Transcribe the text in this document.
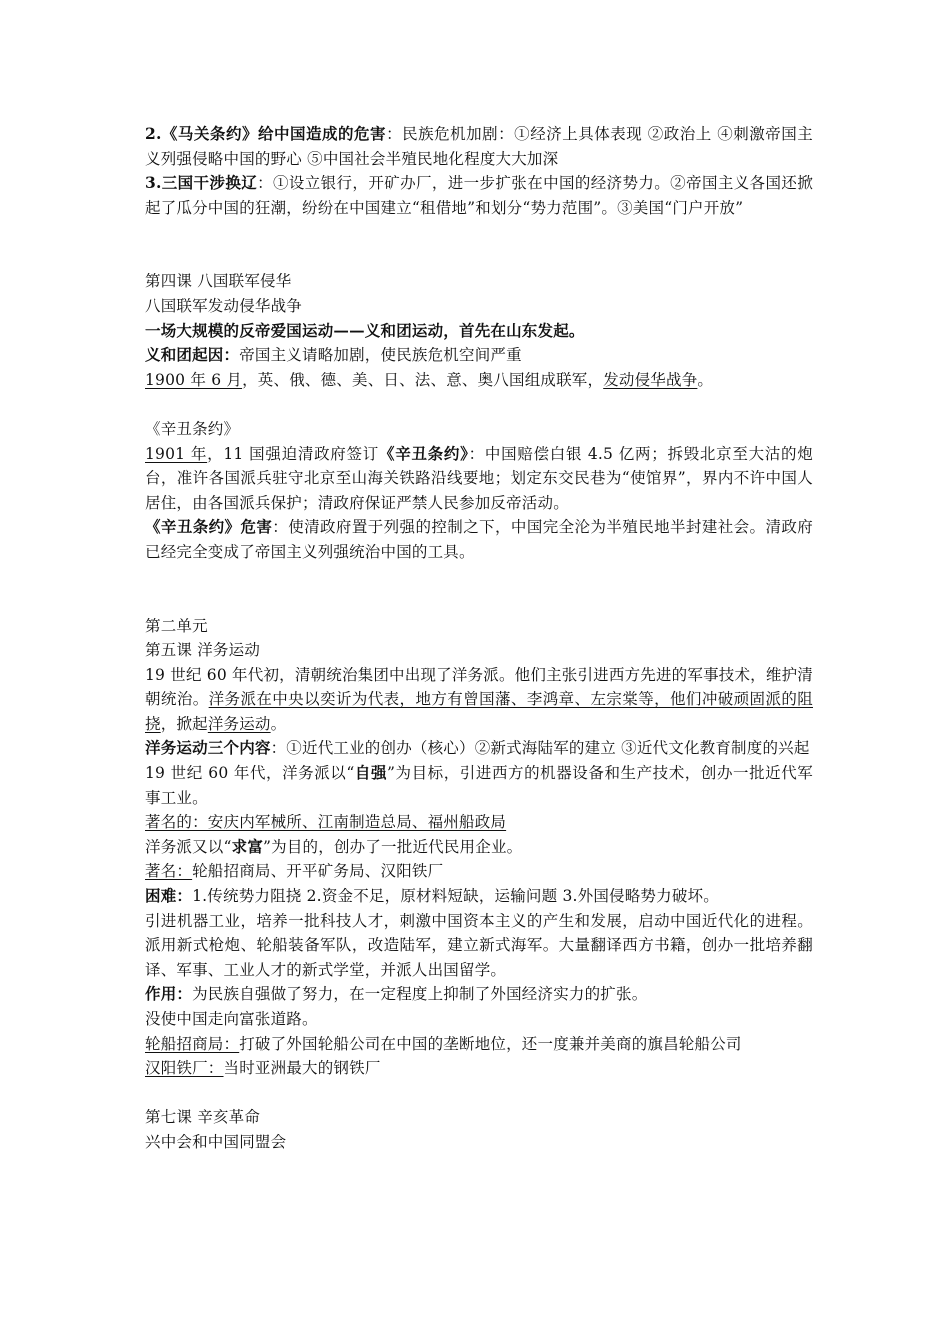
2.《马关条约》给中国造成的危害：民族危机加剧：①经济上具体表现 ②政治上 ④刺激帝国主义列强侵略中国的野心 ⑤中国社会半殖民地化程度大大加深

3.三国干涉换辽：①设立银行，开矿办厂，进一步扩张在中国的经济势力。②帝国主义各国还掀起了瓜分中国的狂潮，纷纷在中国建立“租借地”和划分“势力范围”。③美国“门户开放”

第四课 八国联军侵华

八国联军发动侵华战争

一场大规模的反帝爱国运动——义和团运动，首先在山东发起。

义和团起因：帝国主义请略加剧，使民族危机空间严重

1900 年 6 月，英、俄、德、美、日、法、意、奥八国组成联军，发动侵华战争。

《辛丑条约》

1901 年，11 国强迫清政府签订《辛丑条约》：中国赔偿白银 4.5 亿两；拆毁北京至大沽的炮台，准许各国派兵驻守北京至山海关铁路沿线要地；划定东交民巷为“使馆界”，界内不许中国人居住，由各国派兵保护；清政府保证严禁人民参加反帝活动。

《辛丑条约》危害：使清政府置于列强的控制之下，中国完全沦为半殖民地半封建社会。清政府已经完全变成了帝国主义列强统治中国的工具。

第二单元

第五课 洋务运动

19 世纪 60 年代初，清朝统治集团中出现了洋务派。他们主张引进西方先进的军事技术，维护清朝统治。洋务派在中央以奕䜣为代表，地方有曾国藩、李鸿章、左宗棠等，他们冲破顽固派的阻挠，掀起洋务运动。

洋务运动三个内容：①近代工业的创办（核心）②新式海陆军的建立 ③近代文化教育制度的兴起

19 世纪 60 年代，洋务派以“自强”为目标，引进西方的机器设备和生产技术，创办一批近代军事工业。

著名的：安庆内军械所、江南制造总局、福州船政局

洋务派又以“求富”为目的，创办了一批近代民用企业。

著名：轮船招商局、开平矿务局、汉阳铁厂

困难：1.传统势力阻挠 2.资金不足，原材料短缺，运输问题 3.外国侵略势力破坏。

引进机器工业，培养一批科技人才，刺激中国资本主义的产生和发展，启动中国近代化的进程。派用新式枪炮、轮船装备军队，改造陆军，建立新式海军。大量翻译西方书籍，创办一批培养翻译、军事、工业人才的新式学堂，并派人出国留学。

作用：为民族自强做了努力，在一定程度上抑制了外国经济实力的扩张。

没使中国走向富张道路。

轮船招商局：打破了外国轮船公司在中国的垄断地位，还一度兼并美商的旗昌轮船公司

汉阳铁厂：当时亚洲最大的钢铁厂

第七课 辛亥革命

兴中会和中国同盟会
